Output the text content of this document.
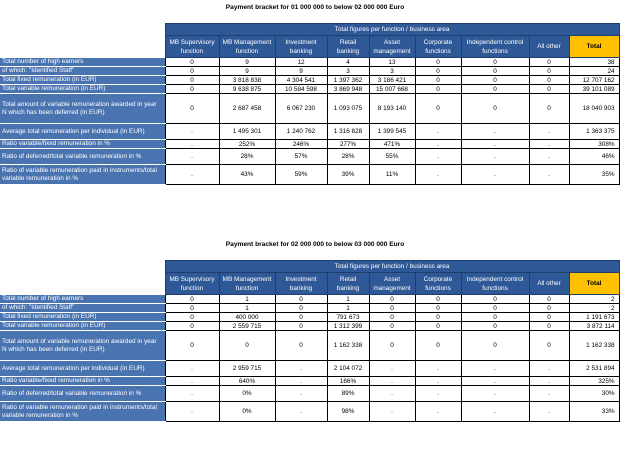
Payment bracket for 01 000 000 to below 02 000 000 Euro
	Total figures per function / business area								
	MB Supervisory function	MB Management function	Investment banking	Retail banking	Asset management	Corporate functions	Independent control functions	All other	Total
Total number of high earners	0	9	12	4	13	0	0	0	38
of which: "Identified Staff"	0	9	9	3	3	0	0	0	24
Total fixed remuneration (in EUR)	0	3 818 838	4 304 541	1 397 362	3 186 421	0	0	0	12 707 162
Total variable remuneration (in EUR)	0	9 638 875	10 584 598	3 869 948	15 007 668	0	0	0	39 101 089
Total amount of variable remuneration awarded in year N which has been deferred (in EUR)	0	2 687 458	6 067 230	1 093 075	8 193 140	0	0	0	18 040 903
Average total remuneration per individual (in EUR)	.	1 495 301	1 240 762	1 316 828	1 399 545	.	.	.	1 363 375
Ratio variable/fixed remuneration in %	.	252%	246%	277%	471%	.	.	.	308%
Ratio of deferred/total variable remuneration in %	.	28%	57%	28%	55%	.	.	.	46%
Ratio of variable remuneration paid in instruments/total variable remuneration in %	.	43%	59%	39%	11%	.	.	.	35%
Payment bracket for 02 000 000 to below 03 000 000 Euro
	Total figures per function / business area								
	MB Supervisory function	MB Management function	Investment banking	Retail banking	Asset management	Corporate functions	Independent control functions	All other	Total
Total number of high earners	0	1	0	1	0	0	0	0	2
of which: "Identified Staff"	0	1	0	1	0	0	0	0	2
Total fixed remuneration (in EUR)	0	400 000	0	791 673	0	0	0	0	1 191 673
Total variable remuneration (in EUR)	0	2 559 715	0	1 312 399	0	0	0	0	3 872 114
Total amount of variable remuneration awarded in year N which has been deferred (in EUR)	0	0	0	1 162 338	0	0	0	0	1 162 338
Average total remuneration per individual (in EUR)	.	2 959 715	.	2 104 072	.	.	.	.	2 531 894
Ratio variable/fixed remuneration in %	.	640%	.	166%	.	.	.	.	325%
Ratio of deferred/total variable remuneration in %	.	0%	.	89%	.	.	.	.	30%
Ratio of variable remuneration paid in instruments/total variable remuneration in %	.	0%	.	98%	.	.	.	.	33%
